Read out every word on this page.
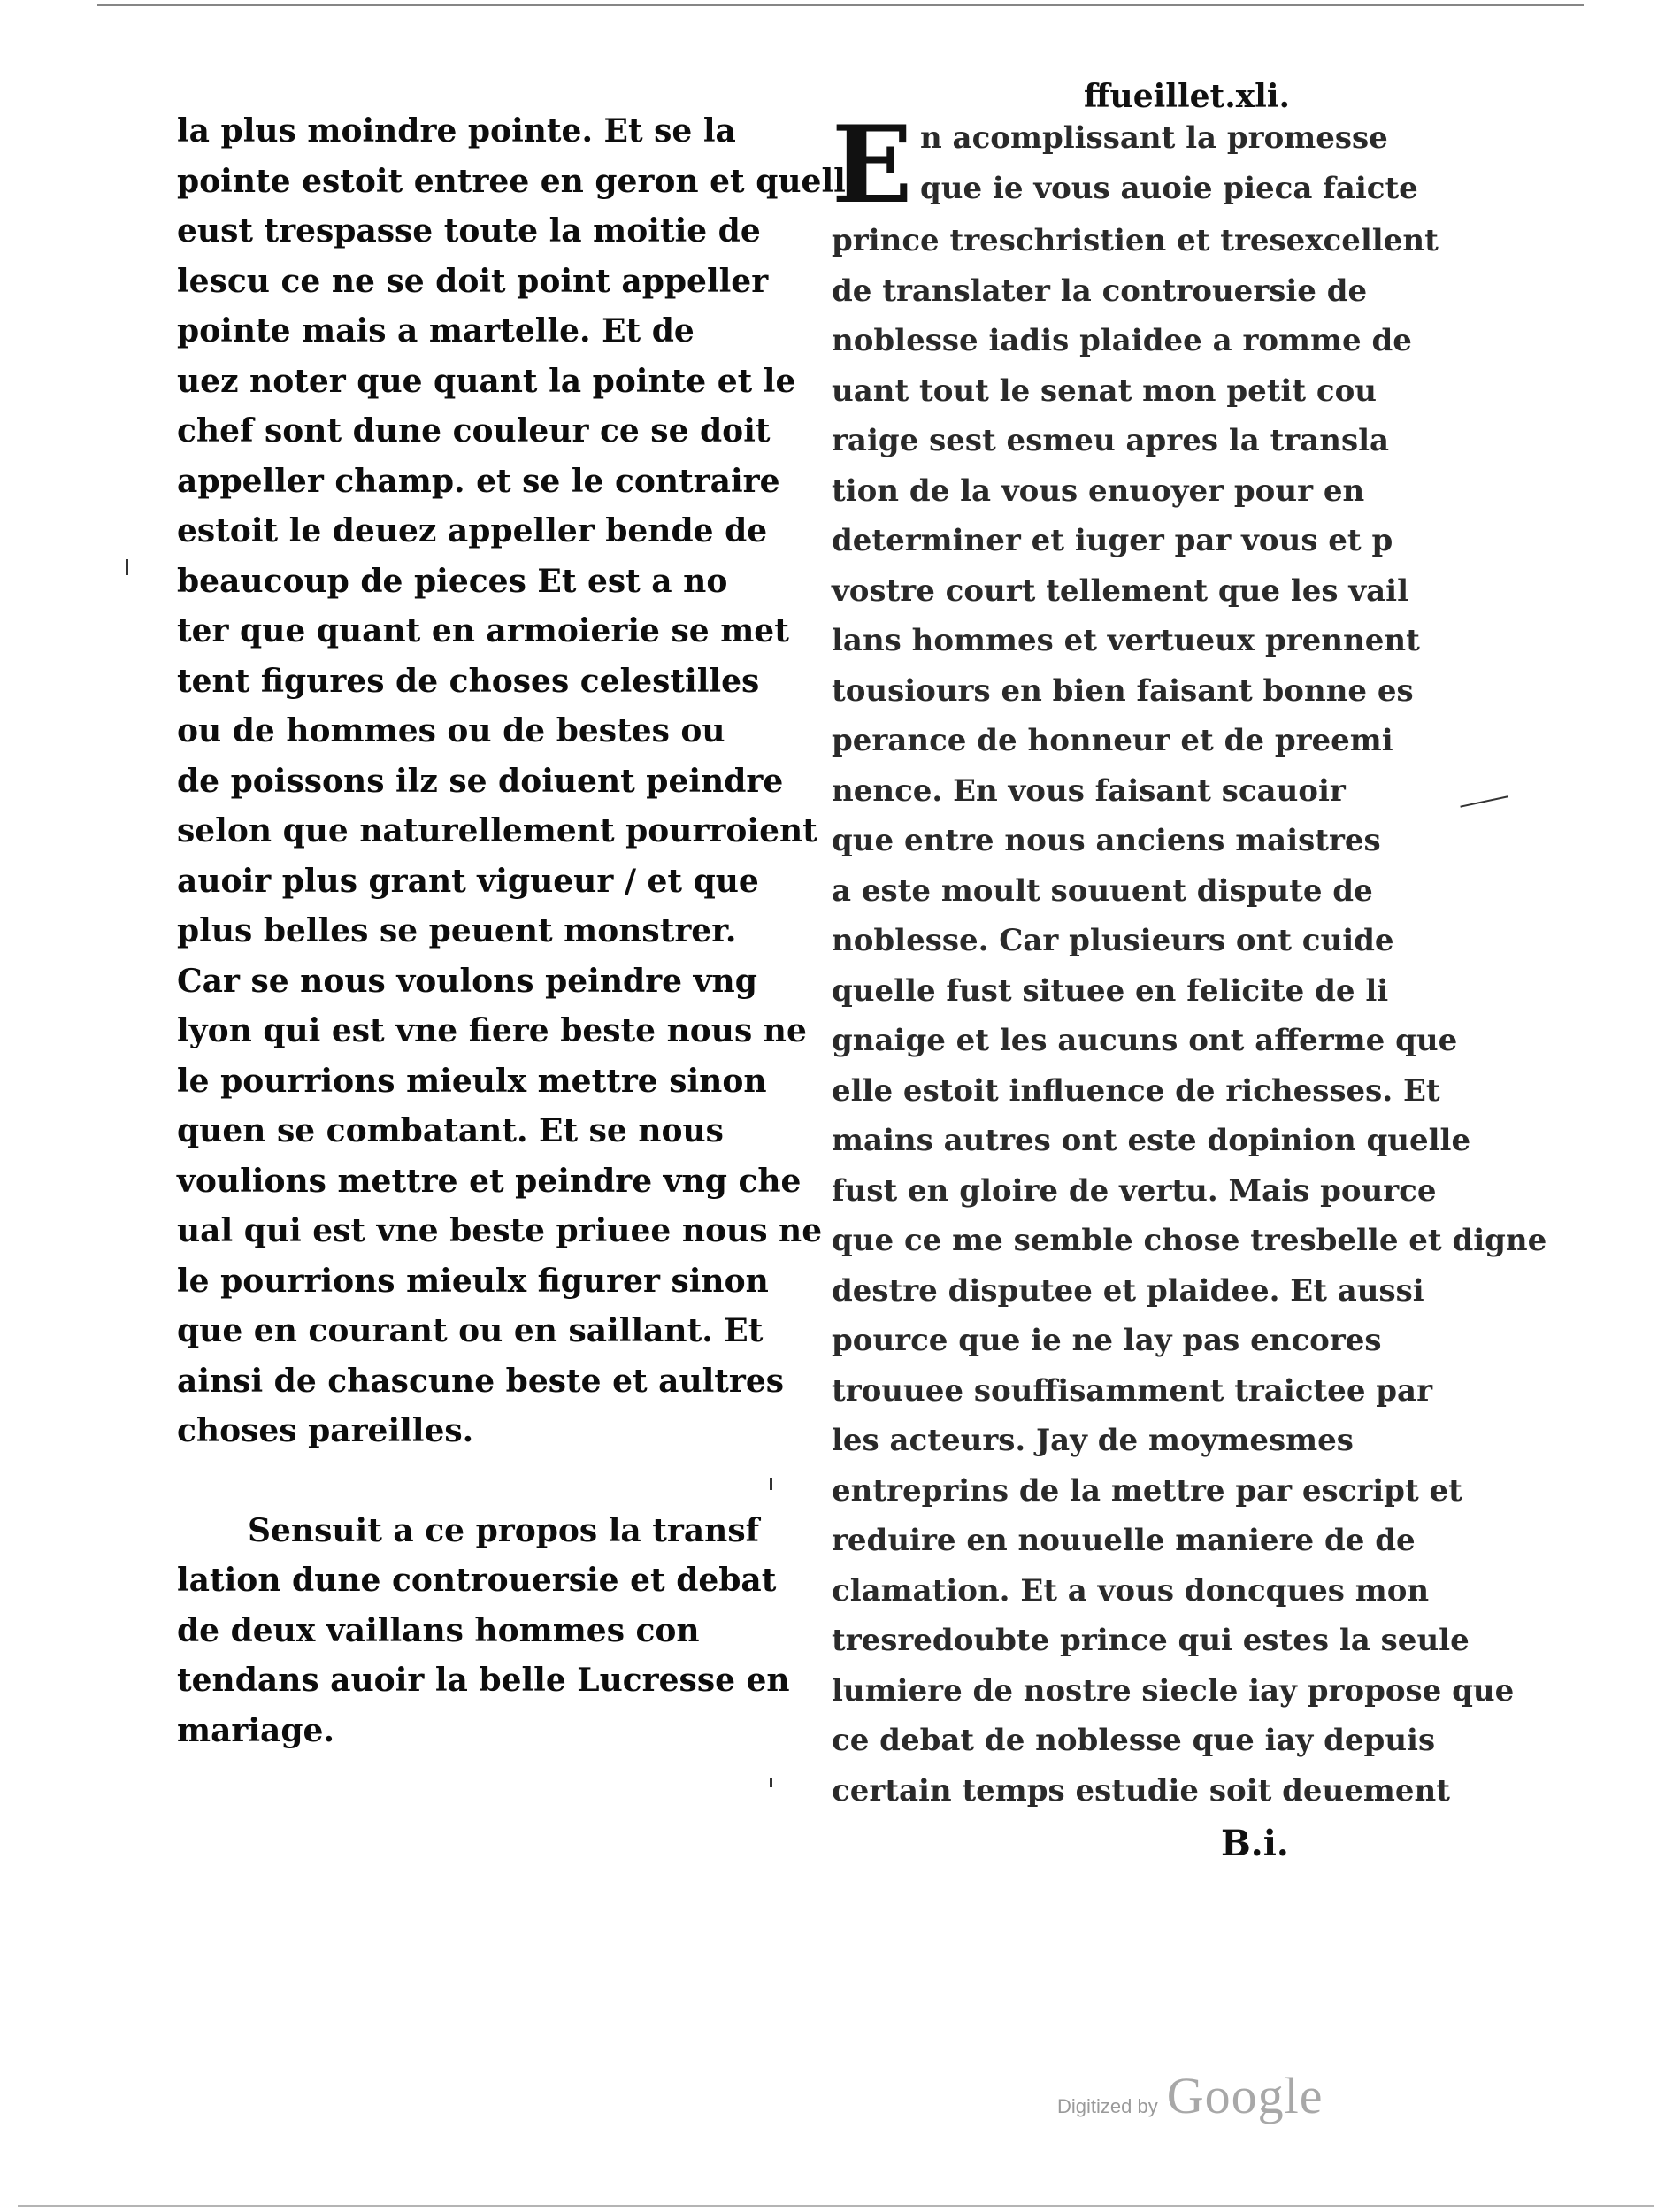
ffueillet.xli.
la plus moindre pointe. Et se la
pointe estoit entree en geron et quelle
eust trespasse toute la moitie de
lescu ce ne se doit point appeller
pointe mais a martelle. Et de
uez noter que quant la pointe et le
chef sont dune couleur ce se doit
appeller champ. et se le contraire
estoit le deuez appeller bende de
beaucoup de pieces Et est a no
ter que quant en armoierie se met
tent figures de choses celestilles
ou de hommes ou de bestes ou
de poissons ilz se doiuent peindre
selon que naturellement pourroient
auoir plus grant vigueur / et que
plus belles se peuent monstrer.
Car se nous voulons peindre vng
lyon qui est vne fiere beste nous ne
le pourrions mieulx mettre sinon
quen se combatant. Et se nous
voulions mettre et peindre vng che
ual qui est vne beste priuee nous ne
le pourrions mieulx figurer sinon
que en courant ou en saillant. Et
ainsi de chascune beste et aultres
choses pareilles.
Sensuit a ce propos la transf
lation dune controuersie et debat
de deux vaillans hommes con
tendans auoir la belle Lucresse en
mariage.
E n acomplissant la promesse
que ie vous auoie pieca faicte
prince treschristien et tresexcellent
de translater la controuersie de
noblesse iadis plaidee a romme de
uant tout le senat mon petit cou
raige sest esmeu apres la transla
tion de la vous enuoyer pour en
determiner et iuger par vous et p
vostre court tellement que les vail
lans hommes et vertueux prennent
tousiours en bien faisant bonne es
perance de honneur et de preemi
nence. En vous faisant scauoir
que entre nous anciens maistres
a este moult souuent dispute de
noblesse. Car plusieurs ont cuide
quelle fust situee en felicite de li
gnaige et les aucuns ont afferme que
elle estoit influence de richesses. Et
mains autres ont este dopinion quelle
fust en gloire de vertu. Mais pource
que ce me semble chose tresbelle et digne
destre disputee et plaidee. Et aussi
pource que ie ne lay pas encores
trouuee souffisamment traictee par
les acteurs. Jay de moymesmes
entreprins de la mettre par escript et
reduire en nouuelle maniere de de
clamation. Et a vous doncques mon
tresredoubte prince qui estes la seule
lumiere de nostre siecle iay propose que
ce debat de noblesse que iay depuis
certain temps estudie soit deuement
B.i.
Digitized by Google
